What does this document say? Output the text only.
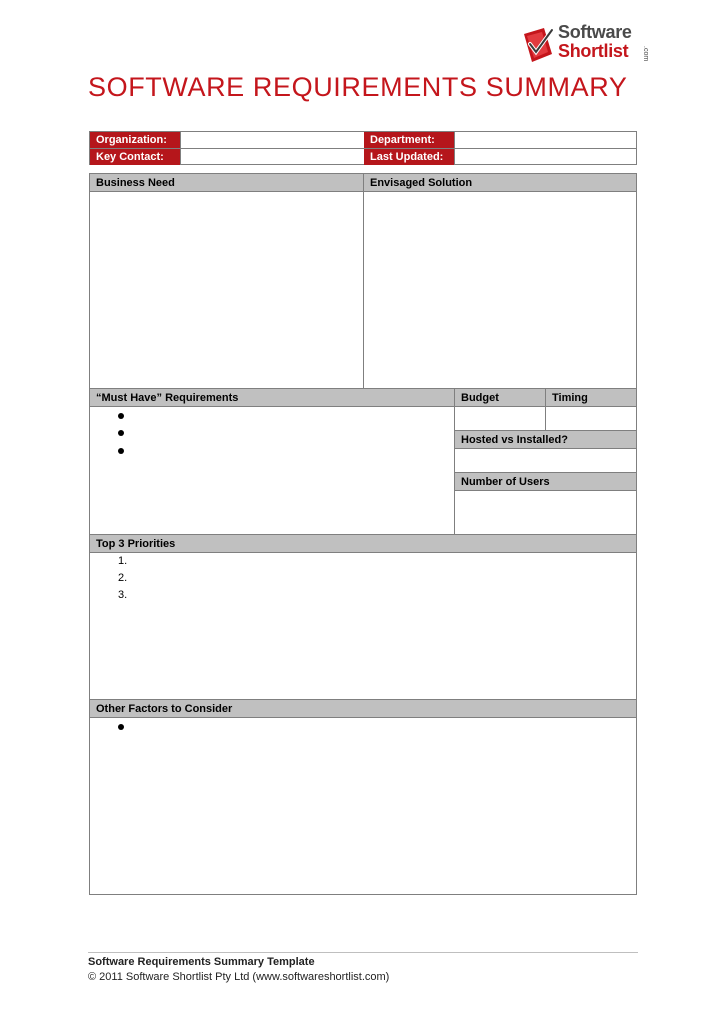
Software
Shortlist .com
SOFTWARE REQUIREMENTS SUMMARY
Organization:	Department:
Key Contact:	Last Updated:
Business Need	Envisaged Solution
“Must Have” Requirements	Budget	Timing
Hosted vs Installed?
Number of Users
Top 3 Priorities
1.
2.
3.
Other Factors to Consider
Software Requirements Summary Template
© 2011 Software Shortlist Pty Ltd (www.softwareshortlist.com)
